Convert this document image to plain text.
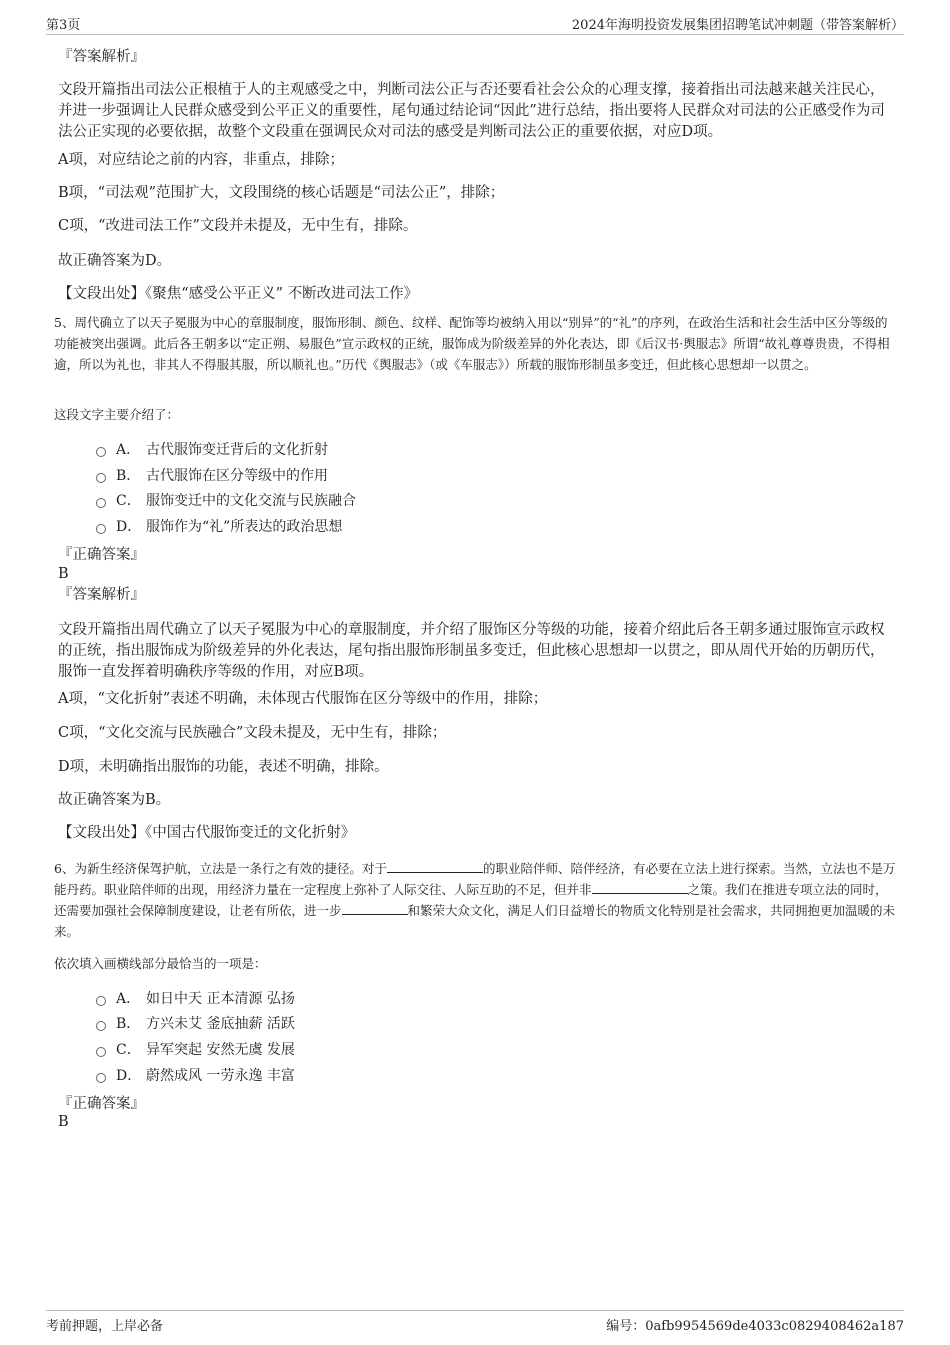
第3页	2024年海明投资发展集团招聘笔试冲刺题（带答案解析）
『答案解析』
文段开篇指出司法公正根植于人的主观感受之中，判断司法公正与否还要看社会公众的心理支撑，接着指出司法越来越关注民心，并进一步强调让人民群众感受到公平正义的重要性，尾句通过结论词“因此”进行总结，指出要将人民群众对司法的公正感受作为司法公正实现的必要依据，故整个文段重在强调民众对司法的感受是判断司法公正的重要依据，对应D项。
A项，对应结论之前的内容，非重点，排除；
B项，“司法观”范围扩大，文段围绕的核心话题是“司法公正”，排除；
C项，“改进司法工作”文段并未提及，无中生有，排除。
故正确答案为D。
【文段出处】《聚焦“感受公平正义” 不断改进司法工作》
5、周代确立了以天子冕服为中心的章服制度，服饰形制、颜色、纹样、配饰等均被纳入用以“别异”的“礼”的序列，在政治生活和社会生活中区分等级的功能被突出强调。此后各王朝多以“定正朔、易服色”宣示政权的正统，服饰成为阶级差异的外化表达，即《后汉书·舆服志》所谓“故礼尊尊贵贵，不得相逾，所以为礼也，非其人不得服其服，所以顺礼也。”历代《舆服志》（或《车服志》）所载的服饰形制虽多变迁，但此核心思想却一以贯之。
这段文字主要介绍了：
A． 古代服饰变迁背后的文化折射
B． 古代服饰在区分等级中的作用
C． 服饰变迁中的文化交流与民族融合
D． 服饰作为“礼”所表达的政治思想
『正确答案』
B
『答案解析』
文段开篇指出周代确立了以天子冕服为中心的章服制度，并介绍了服饰区分等级的功能，接着介绍此后各王朝多通过服饰宣示政权的正统，指出服饰成为阶级差异的外化表达，尾句指出服饰形制虽多变迁，但此核心思想却一以贯之，即从周代开始的历朝历代，服饰一直发挥着明确秩序等级的作用，对应B项。
A项，“文化折射”表述不明确，未体现古代服饰在区分等级中的作用，排除；
C项，“文化交流与民族融合”文段未提及，无中生有，排除；
D项，未明确指出服饰的功能，表述不明确，排除。
故正确答案为B。
【文段出处】《中国古代服饰变迁的文化折射》
6、为新生经济保驾护航，立法是一条行之有效的捷径。对于	的职业陪伴师、陪伴经济，有必要在立法上进行探索。当然，立法也不是万能丹药。职业陪伴师的出现，用经济力量在一定程度上弥补了人际交往、人际互助的不足，但并非	之策。我们在推进专项立法的同时，还需要加强社会保障制度建设，让老有所依，进一步	和繁荣大众文化，满足人们日益增长的物质文化特别是社会需求，共同拥抱更加温暖的未来。
依次填入画横线部分最恰当的一项是：
A． 如日中天 正本清源 弘扬
B． 方兴未艾 釜底抽薪 活跃
C． 异军突起 安然无虞 发展
D． 蔚然成风 一劳永逸 丰富
『正确答案』
B
考前押题，上岸必备	编号：0afb9954569de4033c0829408462a187
